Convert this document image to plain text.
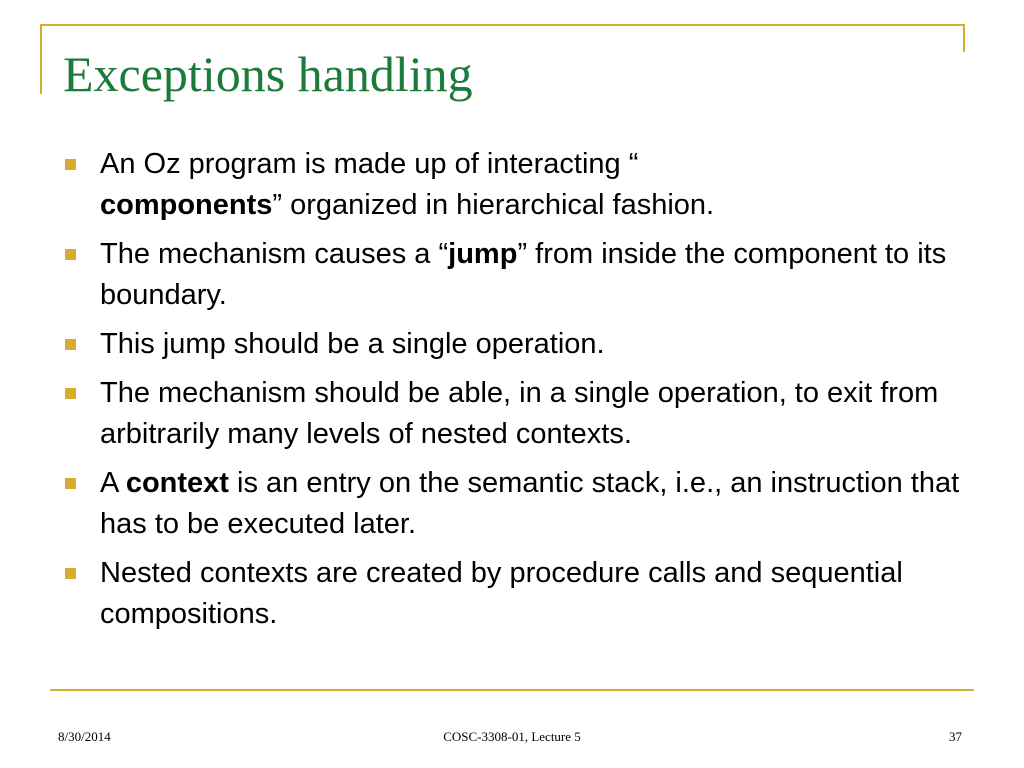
Exceptions handling
An Oz program is made up of interacting “
components” organized in hierarchical fashion.
The mechanism causes a “jump” from inside the component to its boundary.
This jump should be a single operation.
The mechanism should be able, in a single operation, to exit from arbitrarily many levels of nested contexts.
A context is an entry on the semantic stack, i.e., an instruction that has to be executed later.
Nested contexts are created by procedure calls and sequential compositions.
8/30/2014	COSC-3308-01, Lecture 5	37
